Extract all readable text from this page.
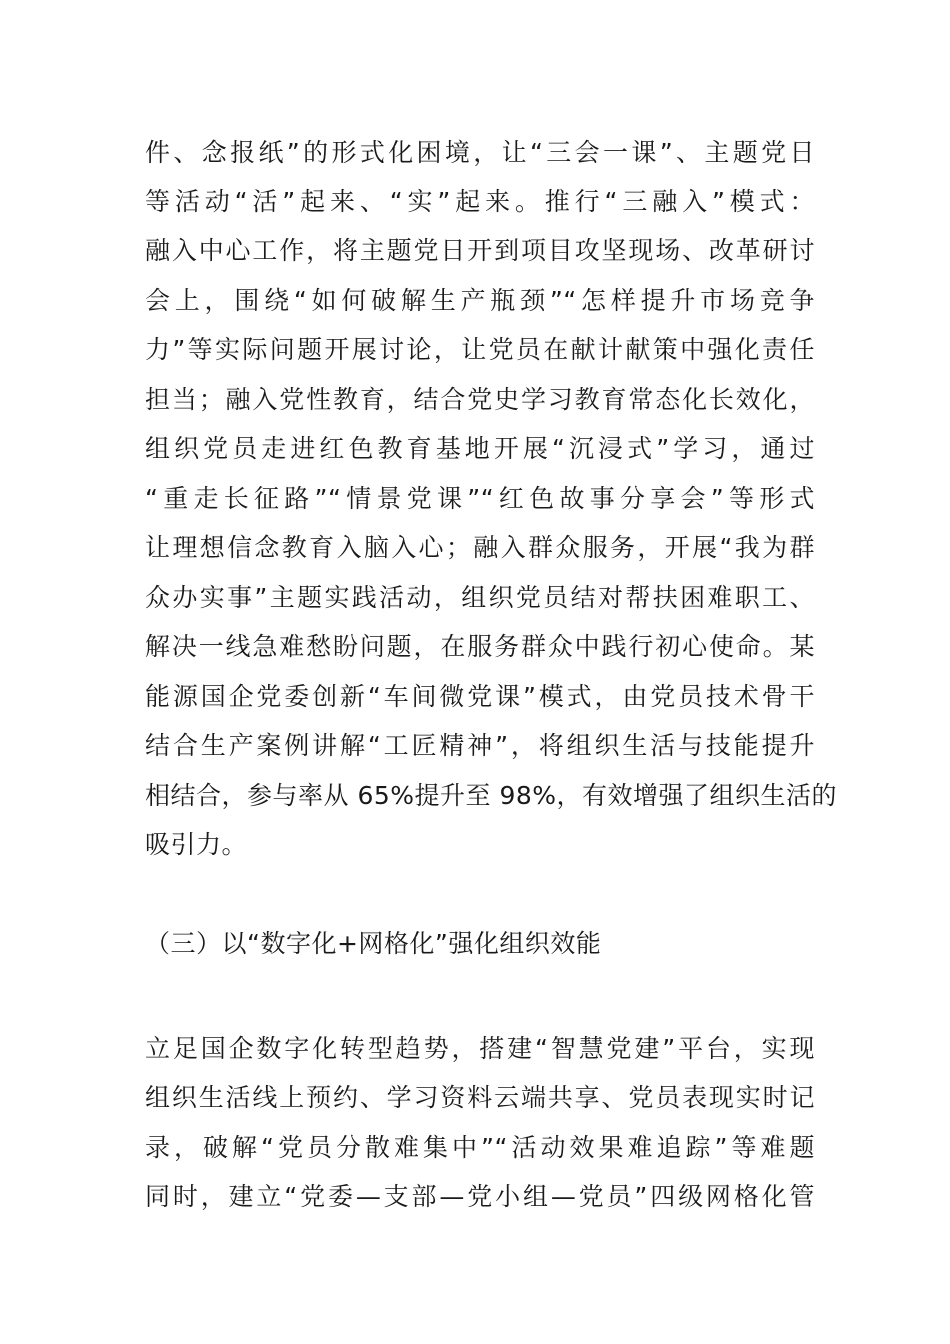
件、念报纸”的形式化困境，让“三会一课”、主题党日

等活动“活”起来、“实”起来。推行“三融入”模式：

融入中心工作，将主题党日开到项目攻坚现场、改革研讨

会上，围绕“如何破解生产瓶颈”“怎样提升市场竞争

力”等实际问题开展讨论，让党员在献计献策中强化责任

担当；融入党性教育，结合党史学习教育常态化长效化，

组织党员走进红色教育基地开展“沉浸式”学习，通过

“重走长征路”“情景党课”“红色故事分享会”等形式

让理想信念教育入脑入心；融入群众服务，开展“我为群

众办实事”主题实践活动，组织党员结对帮扶困难职工、

解决一线急难愁盼问题，在服务群众中践行初心使命。某

能源国企党委创新“车间微党课”模式，由党员技术骨干

结合生产案例讲解“工匠精神”，将组织生活与技能提升

相结合，参与率从 65%提升至 98%，有效增强了组织生活的

吸引力。

（三）以“数字化+网格化”强化组织效能

立足国企数字化转型趋势，搭建“智慧党建”平台，实现

组织生活线上预约、学习资料云端共享、党员表现实时记

录，破解“党员分散难集中”“活动效果难追踪”等难题

同时，建立“党委—支部—党小组—党员”四级网格化管
